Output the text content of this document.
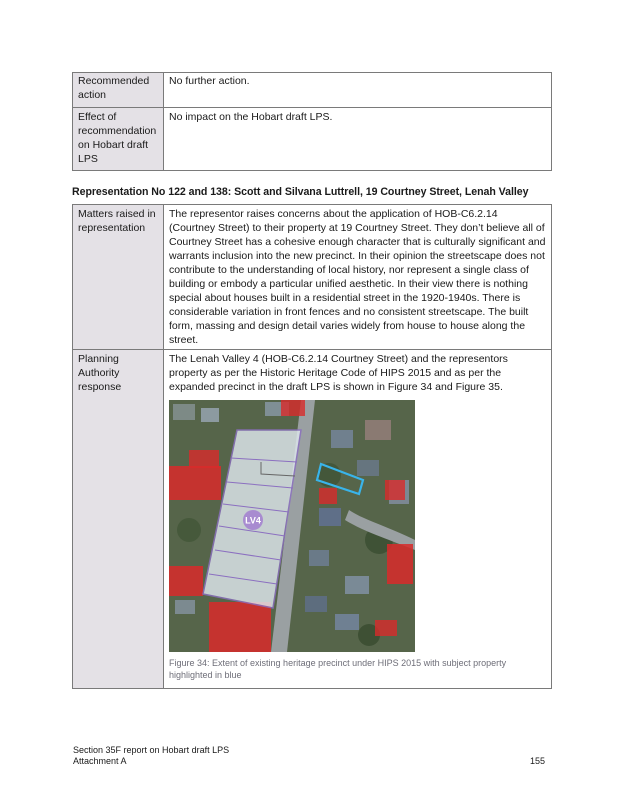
Recommended action	No further action.
Effect of recommendation on Hobart draft LPS	No impact on the Hobart draft LPS.
Representation No 122 and 138: Scott and Silvana Luttrell, 19 Courtney Street, Lenah Valley
Matters raised in representation	The representor raises concerns about the application of HOB-C6.2.14 (Courtney Street) to their property at 19 Courtney Street. They don’t believe all of Courtney Street has a cohesive enough character that is culturally significant and warrants inclusion into the new precinct. In their opinion the streetscape does not contribute to the understanding of local history, nor represent a single class of building or embody a particular unified aesthetic. In their view there is nothing special about houses built in a residential street in the 1920-1940s. There is considerable variation in front fences and no consistent streetscape. The built form, massing and design detail varies widely from house to house along the street.
Planning Authority response	The Lenah Valley 4 (HOB-C6.2.14 Courtney Street) and the representors property as per the Historic Heritage Code of HIPS 2015 and as per the expanded precinct in the draft LPS is shown in Figure 34 and Figure 35.
LV4
Figure 34: Extent of existing heritage precinct under HIPS 2015 with subject property highlighted in blue
Section 35F report on Hobart draft LPS
Attachment A	155
